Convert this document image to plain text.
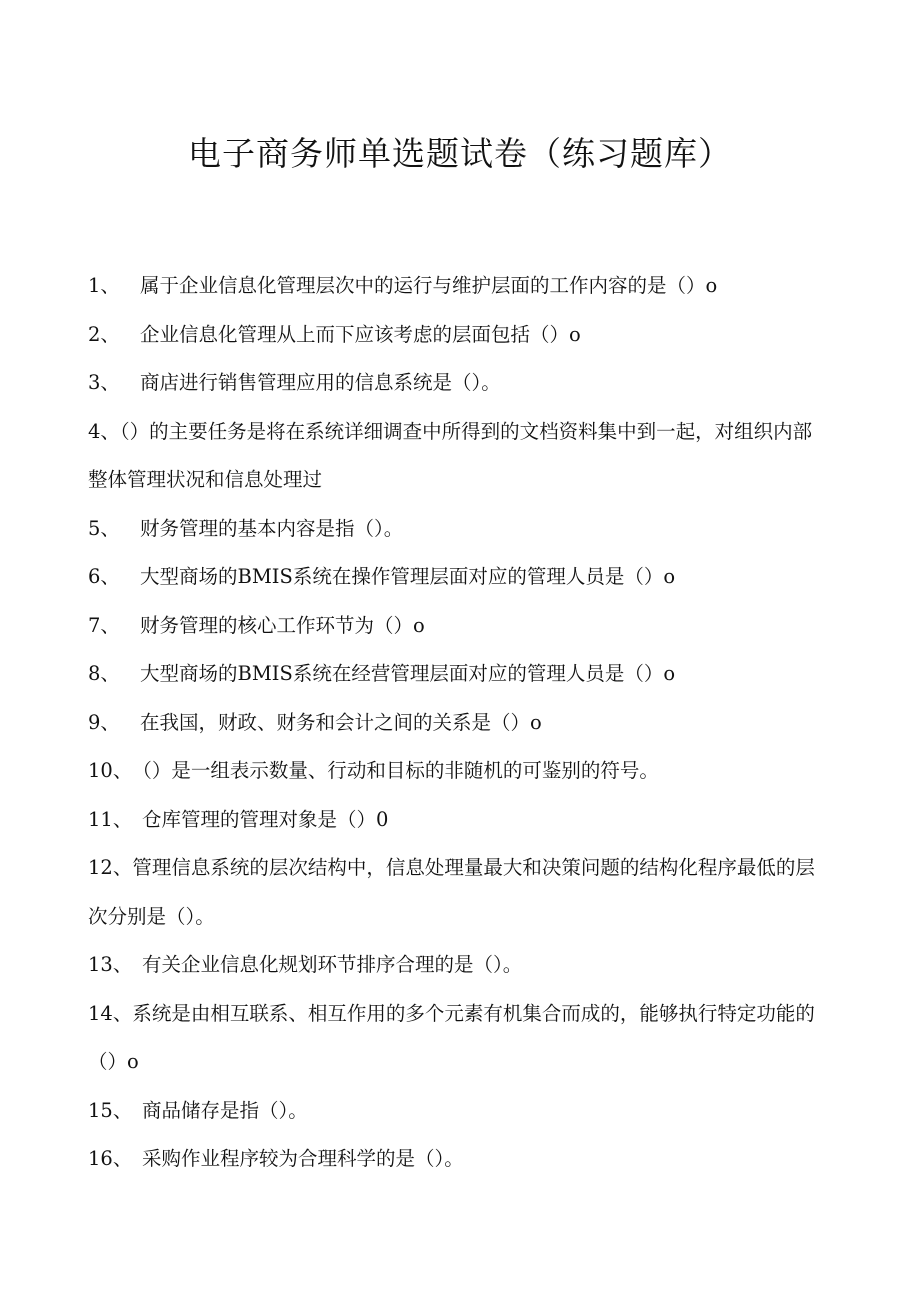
电子商务师单选题试卷（练习题库）
1、	属于企业信息化管理层次中的运行与维护层面的工作内容的是（）o
2、	企业信息化管理从上而下应该考虑的层面包括（）o
3、	商店进行销售管理应用的信息系统是（）。
4、（）的主要任务是将在系统详细调查中所得到的文档资料集中到一起，对组织内部整体管理状况和信息处理过
5、	财务管理的基本内容是指（）。
6、	大型商场的BMIS系统在操作管理层面对应的管理人员是（）o
7、	财务管理的核心工作环节为（）o
8、	大型商场的BMIS系统在经营管理层面对应的管理人员是（）o
9、	在我国，财政、财务和会计之间的关系是（）o
10、 （）是一组表示数量、行动和目标的非随机的可鉴别的符号。
11、 仓库管理的管理对象是（）0
12、管理信息系统的层次结构中，信息处理量最大和决策问题的结构化程序最低的层次分别是（）。
13、 有关企业信息化规划环节排序合理的是（）。
14、系统是由相互联系、相互作用的多个元素有机集合而成的，能够执行特定功能的（）o
15、 商品储存是指（）。
16、 采购作业程序较为合理科学的是（）。
